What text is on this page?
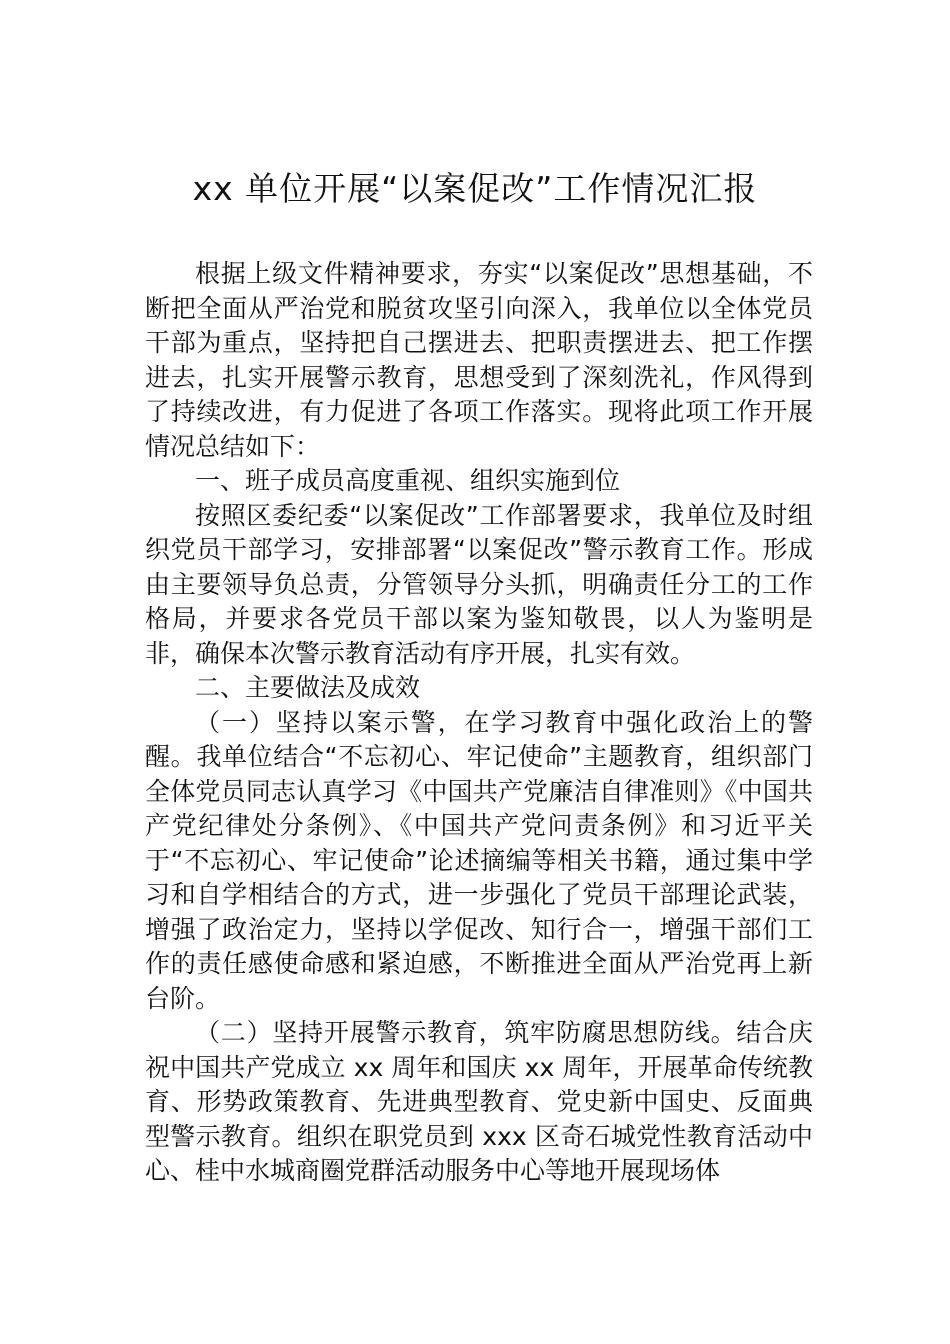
xx 单位开展“以案促改”工作情况汇报

根据上级文件精神要求，夯实“以案促改”思想基础，不断把全面从严治党和脱贫攻坚引向深入，我单位以全体党员干部为重点，坚持把自己摆进去、把职责摆进去、把工作摆进去，扎实开展警示教育，思想受到了深刻洗礼，作风得到了持续改进，有力促进了各项工作落实。现将此项工作开展情况总结如下：

一、班子成员高度重视、组织实施到位

按照区委纪委“以案促改”工作部署要求，我单位及时组织党员干部学习，安排部署“以案促改”警示教育工作。形成由主要领导负总责，分管领导分头抓，明确责任分工的工作格局，并要求各党员干部以案为鉴知敬畏，以人为鉴明是非，确保本次警示教育活动有序开展，扎实有效。

二、主要做法及成效

（一）坚持以案示警，在学习教育中强化政治上的警醒。我单位结合“不忘初心、牢记使命”主题教育，组织部门全体党员同志认真学习《中国共产党廉洁自律准则》《中国共产党纪律处分条例》、《中国共产党问责条例》和习近平关于“不忘初心、牢记使命”论述摘编等相关书籍，通过集中学习和自学相结合的方式，进一步强化了党员干部理论武装，增强了政治定力，坚持以学促改、知行合一，增强干部们工作的责任感使命感和紧迫感，不断推进全面从严治党再上新台阶。

（二）坚持开展警示教育，筑牢防腐思想防线。结合庆祝中国共产党成立 xx 周年和国庆 xx 周年，开展革命传统教育、形势政策教育、先进典型教育、党史新中国史、反面典型警示教育。组织在职党员到 xxx 区奇石城党性教育活动中心、桂中水城商圈党群活动服务中心等地开展现场体
